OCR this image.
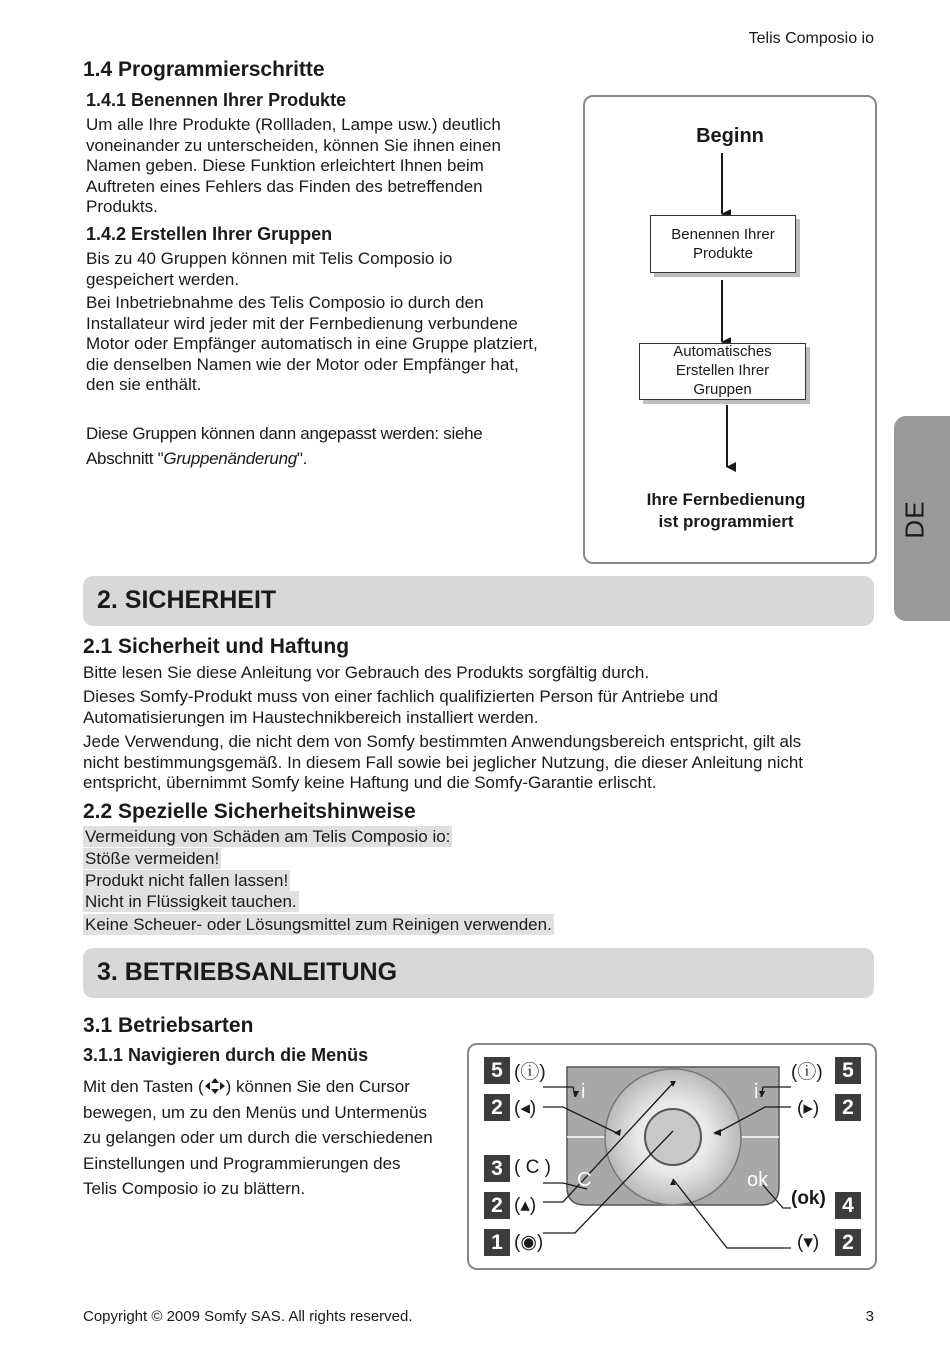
Telis Composio io
1.4 Programmierschritte
1.4.1 Benennen Ihrer Produkte
Um alle Ihre Produkte (Rollladen, Lampe usw.) deutlich
voneinander zu unterscheiden, können Sie ihnen einen
Namen geben. Diese Funktion erleichtert Ihnen beim
Auftreten eines Fehlers das Finden des betreffenden
Produkts.
1.4.2 Erstellen Ihrer Gruppen
Bis zu 40 Gruppen können mit Telis Composio io
gespeichert werden.
Bei Inbetriebnahme des Telis Composio io durch den
Installateur wird jeder mit der Fernbedienung verbundene
Motor oder Empfänger automatisch in eine Gruppe platziert,
die denselben Namen wie der Motor oder Empfänger hat,
den sie enthält.
Diese Gruppen können dann angepasst werden: siehe
Abschnitt "Gruppenänderung".
Beginn
Benennen Ihrer
Produkte
Automatisches
Erstellen Ihrer
Gruppen
Ihre Fernbedienung
ist programmiert	DE
2. SICHERHEIT
2.1 Sicherheit und Haftung
Bitte lesen Sie diese Anleitung vor Gebrauch des Produkts sorgfältig durch.
Dieses Somfy-Produkt muss von einer fachlich qualifizierten Person für Antriebe und
Automatisierungen im Haustechnikbereich installiert werden.
Jede Verwendung, die nicht dem von Somfy bestimmten Anwendungsbereich entspricht, gilt als
nicht bestimmungsgemäß. In diesem Fall sowie bei jeglicher Nutzung, die dieser Anleitung nicht
entspricht, übernimmt Somfy keine Haftung und die Somfy-Garantie erlischt.
2.2 Spezielle Sicherheitshinweise
Vermeidung von Schäden am Telis Composio io:
Stöße vermeiden!
Produkt nicht fallen lassen!
Nicht in Flüssigkeit tauchen.
Keine Scheuer- oder Lösungsmittel zum Reinigen verwenden.
3. BETRIEBSANLEITUNG
3.1 Betriebsarten
3.1.1 Navigieren durch die Menüs
Mit den Tasten ( ) können Sie den Cursor
bewegen, um zu den Menüs und Untermenüs
zu gelangen oder um durch die verschiedenen
Einstellungen und Programmierungen des
Telis Composio io zu blättern.
i	i
C	ok
5 (ⓘ)
2 (◂)
3 ( C )
2 (▴)
1 (◉)
5
(ⓘ)
2
(▸)
4
(ok)
2
(▾)
Copyright © 2009 Somfy SAS. All rights reserved.	3
